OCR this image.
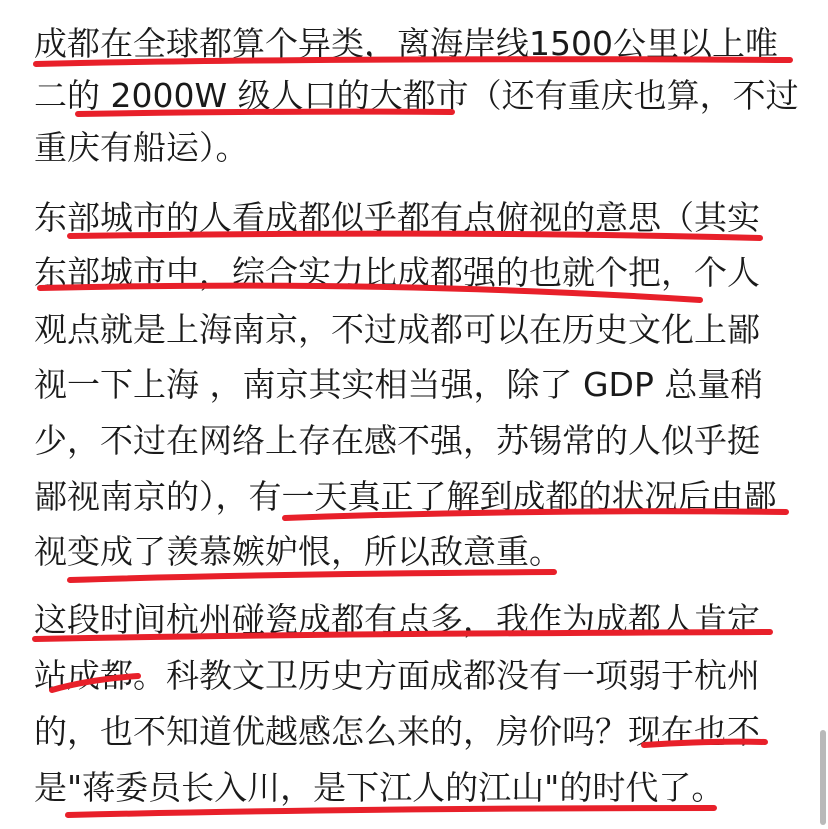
成都在全球都算个异类，离海岸线1500公里以上唯
二的 2000W 级人口的大都市（还有重庆也算，不过
重庆有船运）。
东部城市的人看成都似乎都有点俯视的意思（其实
东部城市中，综合实力比成都强的也就个把，个人
观点就是上海南京，不过成都可以在历史文化上鄙
视一下上海 ，南京其实相当强，除了 GDP 总量稍
少，不过在网络上存在感不强，苏锡常的人似乎挺
鄙视南京的），有一天真正了解到成都的状况后由鄙
视变成了羡慕嫉妒恨，所以敌意重。
这段时间杭州碰瓷成都有点多，我作为成都人肯定
站成都。科教文卫历史方面成都没有一项弱于杭州
的，也不知道优越感怎么来的，房价吗？现在也不
是"蒋委员长入川，是下江人的江山"的时代了。
